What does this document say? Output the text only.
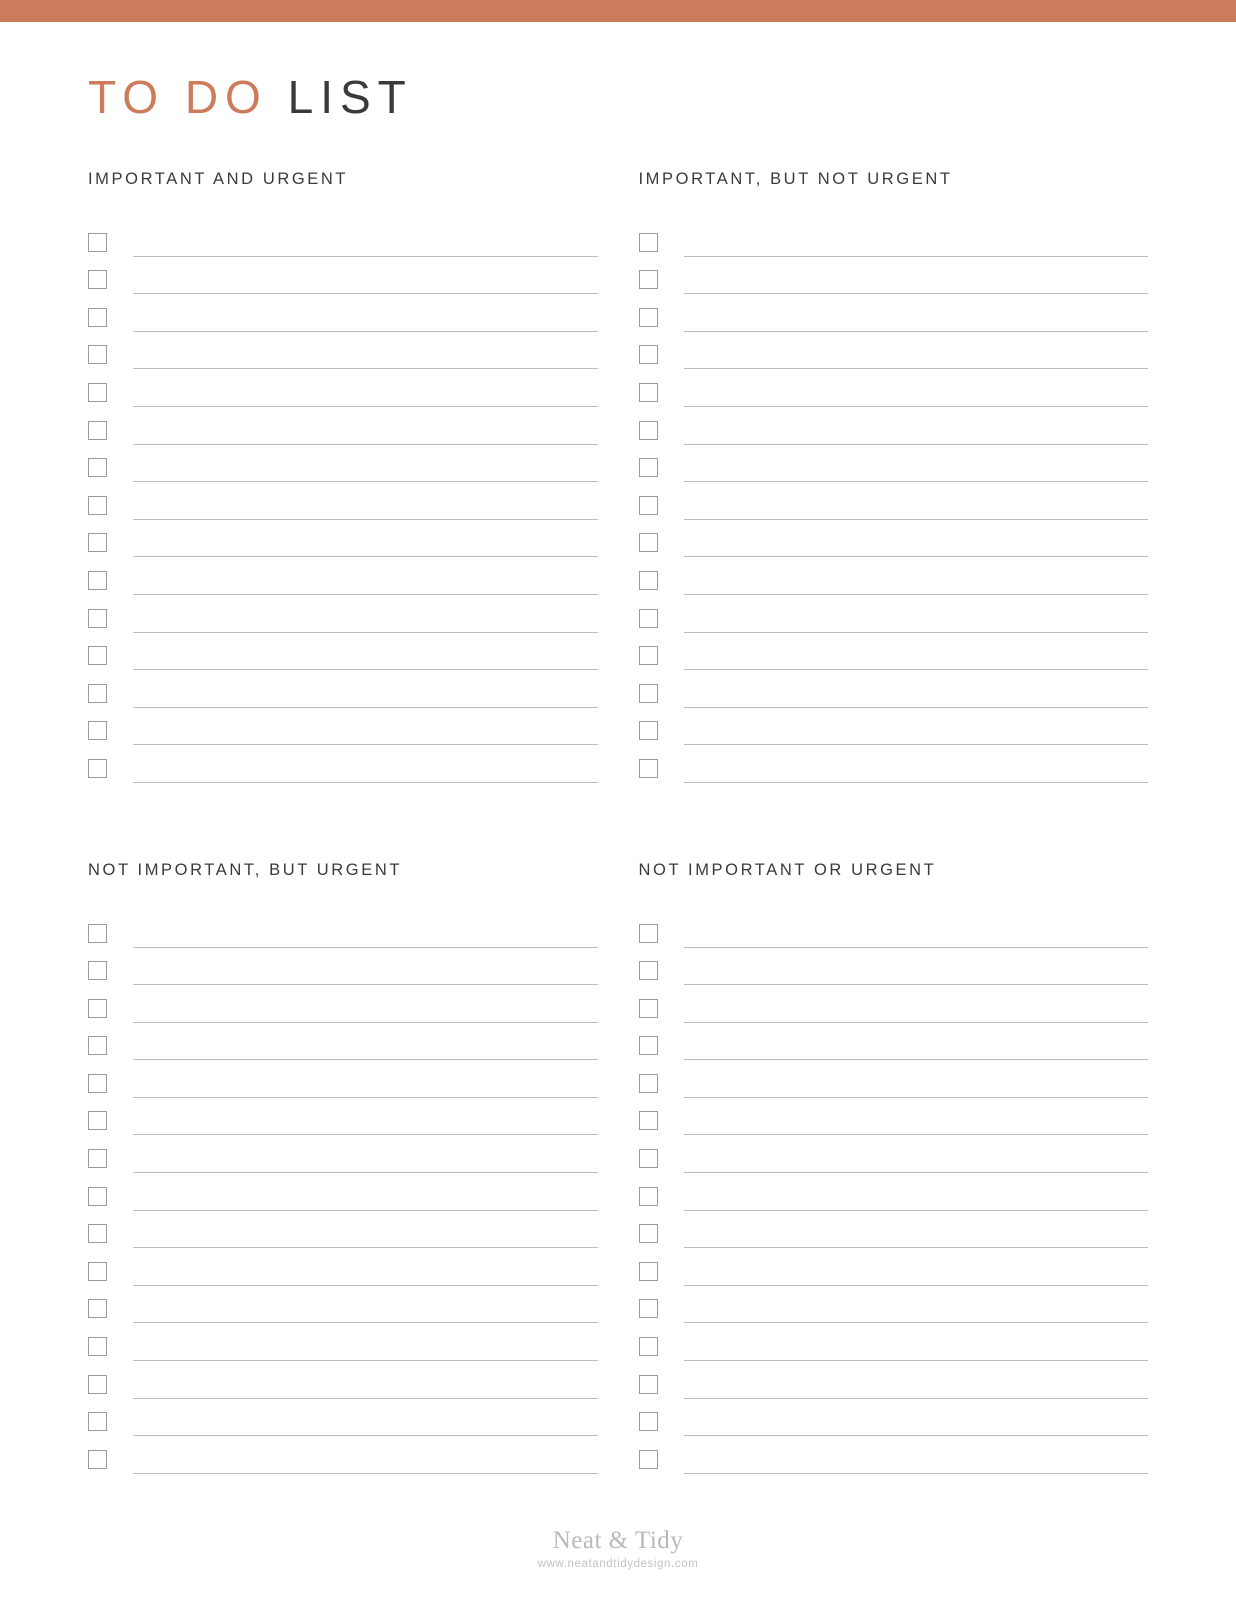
TO DO LIST
IMPORTANT AND URGENT	IMPORTANT, BUT NOT URGENT
NOT IMPORTANT, BUT URGENT	NOT IMPORTANT OR URGENT
Neat & Tidy
www.neatandtidydesign.com
